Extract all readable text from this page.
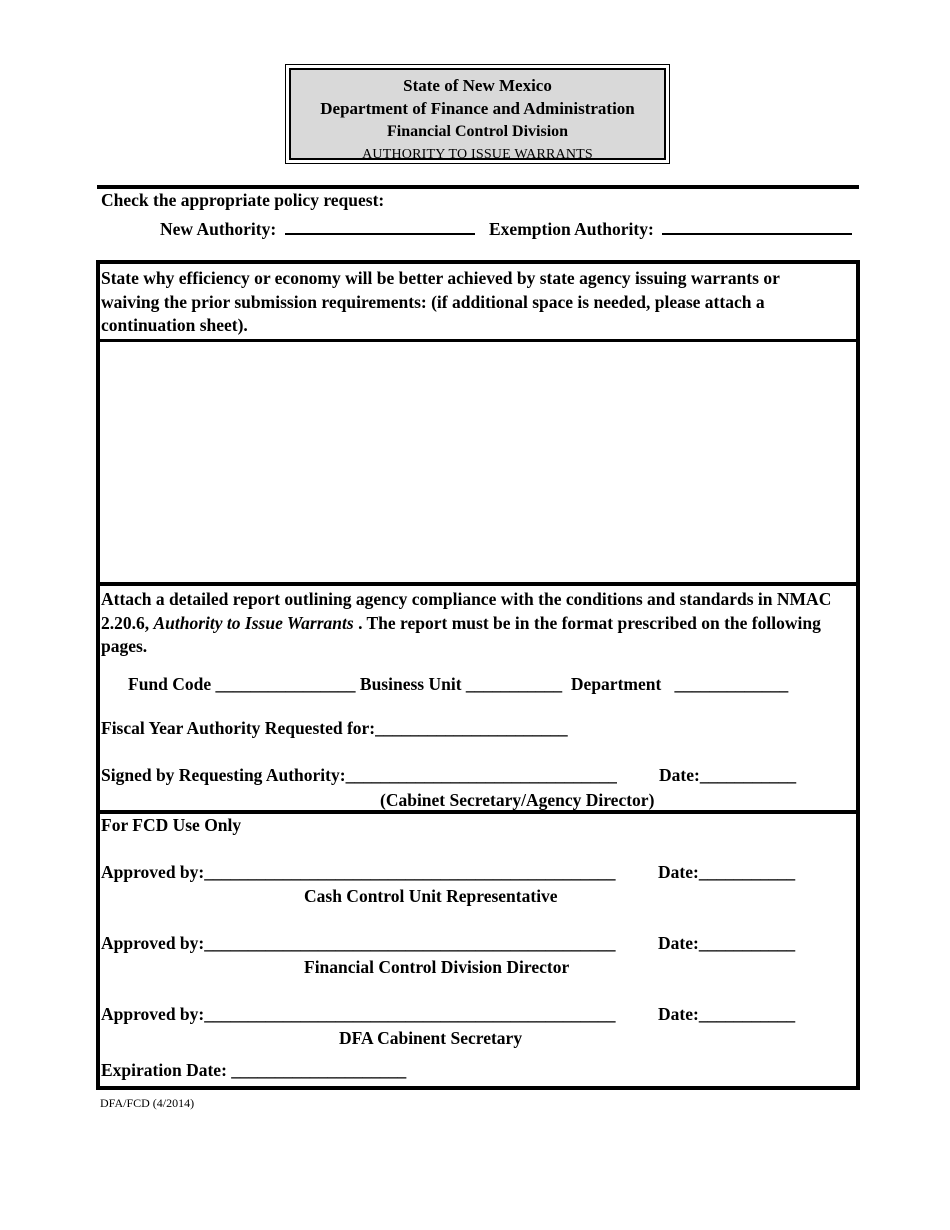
State of New Mexico
Department of Finance and Administration
Financial Control Division
AUTHORITY TO ISSUE WARRANTS
Check the appropriate policy request:
New Authority:	Exemption Authority:
State why efficiency or economy will be better achieved by state agency issuing warrants or waiving the prior submission requirements: (if additional space is needed, please attach a continuation sheet).
Attach a detailed report outlining agency compliance with the conditions and standards in NMAC 2.20.6, Authority to Issue Warrants . The report must be in the format prescribed on the following pages.
Fund Code ________________ Business Unit ___________ Department _____________
Fiscal Year Authority Requested for:______________________
Signed by Requesting Authority:_______________________________ Date:___________
(Cabinet Secretary/Agency Director)
For FCD Use Only
Approved by:_______________________________________________ Date:___________
Cash Control Unit Representative
Approved by:_______________________________________________ Date:___________
Financial Control Division Director
Approved by:_______________________________________________ Date:___________
DFA Cabinent Secretary
Expiration Date: ____________________
DFA/FCD (4/2014)
